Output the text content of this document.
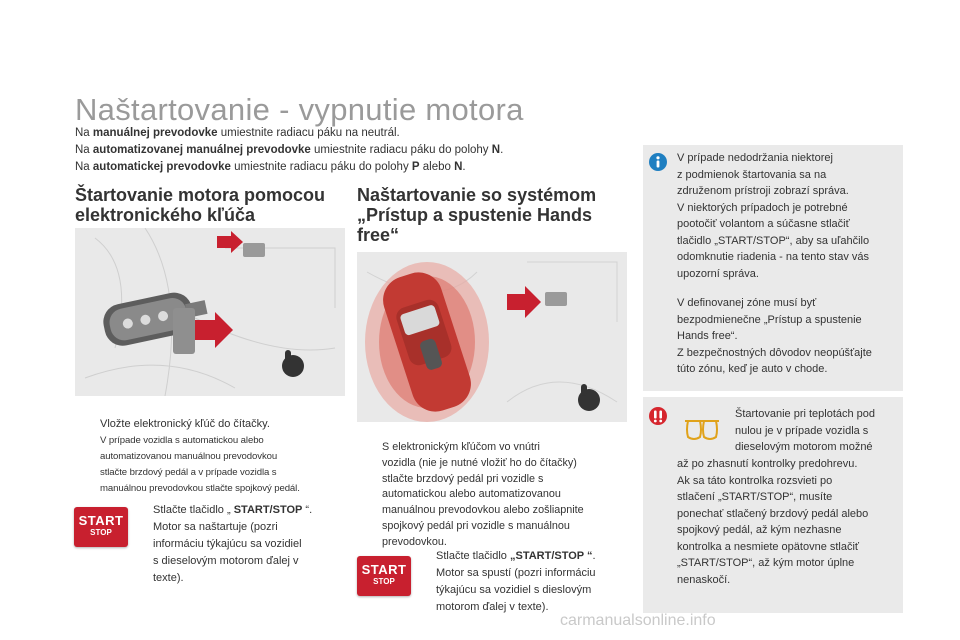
Naštartovanie - vypnutie motora
Na manuálnej prevodovke umiestnite radiacu páku na neutrál.
Na automatizovanej manuálnej prevodovke umiestnite radiacu páku do polohy N.
Na automatickej prevodovke umiestnite radiacu páku do polohy P alebo N.
Štartovanie motora pomocou
elektronického kľúča
Vložte elektronický kľúč do čítačky.
V prípade vozidla s automatickou alebo
automatizovanou manuálnou prevodovkou
stlačte brzdový pedál a v prípade vozidla s
manuálnou prevodovkou stlačte spojkový pedál.
START
STOP
Stlačte tlačidlo „ START/STOP “.
Motor sa naštartuje (pozri
informáciu týkajúcu sa vozidiel
s dieselovým motorom ďalej v
texte).
Naštartovanie so systémom
„Prístup a spustenie Hands
free“
S elektronickým kľúčom vo vnútri
vozidla (nie je nutné vložiť ho do čítačky)
stlačte brzdový pedál pri vozidle s
automatickou alebo automatizovanou
manuálnou prevodovkou alebo zošliapnite
spojkový pedál pri vozidle s manuálnou
prevodovkou.
START
STOP
Stlačte tlačidlo „START/STOP “.
Motor sa spustí (pozri informáciu
týkajúcu sa vozidiel s dieslovým
motorom ďalej v texte).
V prípade nedodržania niektorej
z podmienok štartovania sa na
združenom prístroji zobrazí správa.
V niektorých prípadoch je potrebné
pootočiť volantom a súčasne stlačiť
tlačidlo „START/STOP“, aby sa uľahčilo
odomknutie riadenia - na tento stav vás
upozorní správa.
V definovanej zóne musí byť
bezpodmienečne „Prístup a spustenie
Hands free“.
Z bezpečnostných dôvodov neopúšťajte
túto zónu, keď je auto v chode.
Štartovanie pri teplotách pod
nulou je v prípade vozidla s
dieselovým motorom možné
až po zhasnutí kontrolky predohrevu.
Ak sa táto kontrolka rozsvieti po
stlačení „START/STOP“, musíte
ponechať stlačený brzdový pedál alebo
spojkový pedál, až kým nezhasne
kontrolka a nesmiete opätovne stlačiť
„START/STOP“, až kým motor úplne
nenaskočí.
carmanualsonline.info
